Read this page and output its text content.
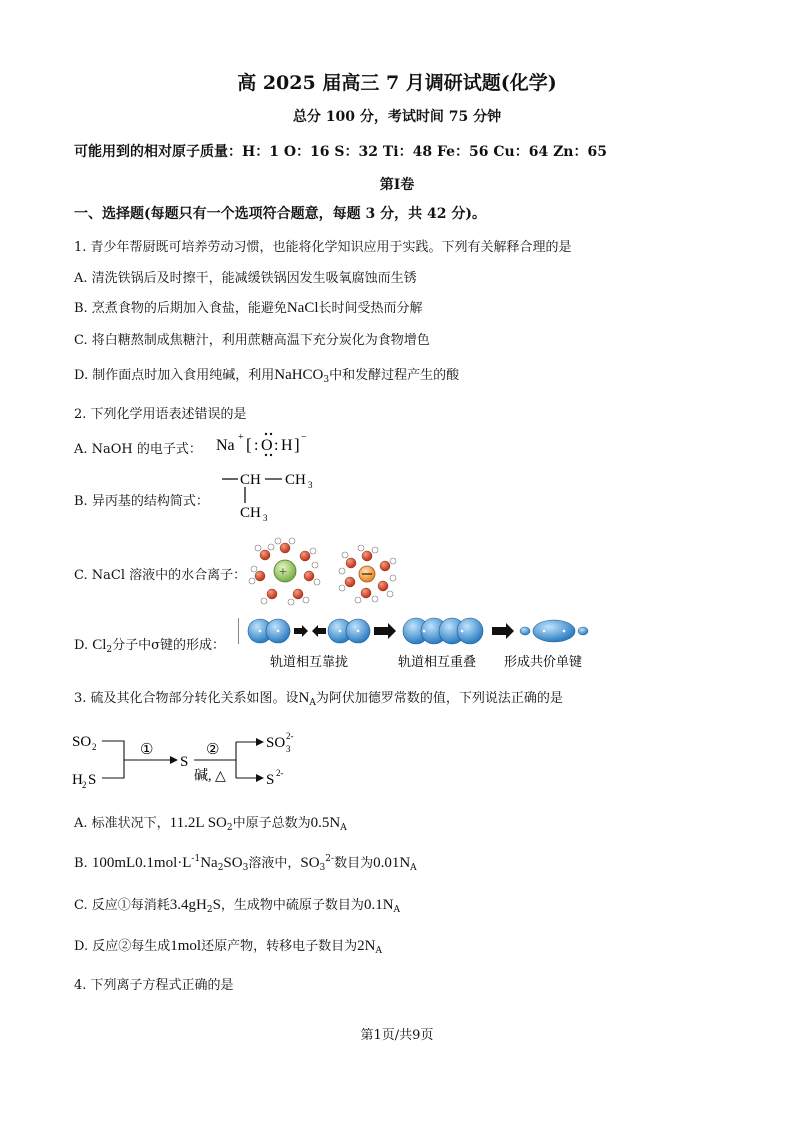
高 2025 届高三 7 月调研试题(化学)
总分 100 分，考试时间 75 分钟
可能用到的相对原子质量：H：1 O：16 S：32 Ti：48 Fe：56 Cu：64 Zn：65
第Ⅰ卷
一、选择题(每题只有一个选项符合题意，每题 3 分，共 42 分)。
1. 青少年帮厨既可培养劳动习惯，也能将化学知识应用于实践。下列有关解释合理的是
A. 清洗铁锅后及时擦干，能减缓铁锅因发生吸氧腐蚀而生锈
B. 烹煮食物的后期加入食盐，能避免NaCl长时间受热而分解
C. 将白糖熬制成焦糖汁，利用蔗糖高温下充分炭化为食物增色
D. 制作面点时加入食用纯碱，利用NaHCO$_3$中和发酵过程产生的酸
2. 下列化学用语表述错误的是
A. NaOH 的电子式： Na + [ : O : H ] −
B. 异丙基的结构简式：
CH CH 3
CH 3
C. NaCl 溶液中的水合离子： +
D. $Cl_2$分子中σ键的形成：
轨道相互靠拢	轨道相互重叠 形成共价单键
3. 硫及其化合物部分转化关系如图。设$N_A$为阿伏加德罗常数的值，下列说法正确的是
SO 2
H 2 S
①
S
②
碱, △
SO 3
2-
S 2-
A. 标准状况下，11.2L $SO_2$中原子总数为$0.5N_A$
B. $100mL0.1mol\cdot L^{-1}Na_2SO_3$溶液中，$SO_3^{2-}$数目为$0.01N_A$
C. 反应①每消耗$3.4gH_2S$，生成物中硫原子数目为$0.1N_A$
D. 反应②每生成1mol还原产物，转移电子数目为$2N_A$
4. 下列离子方程式正确的是
第1页/共9页
